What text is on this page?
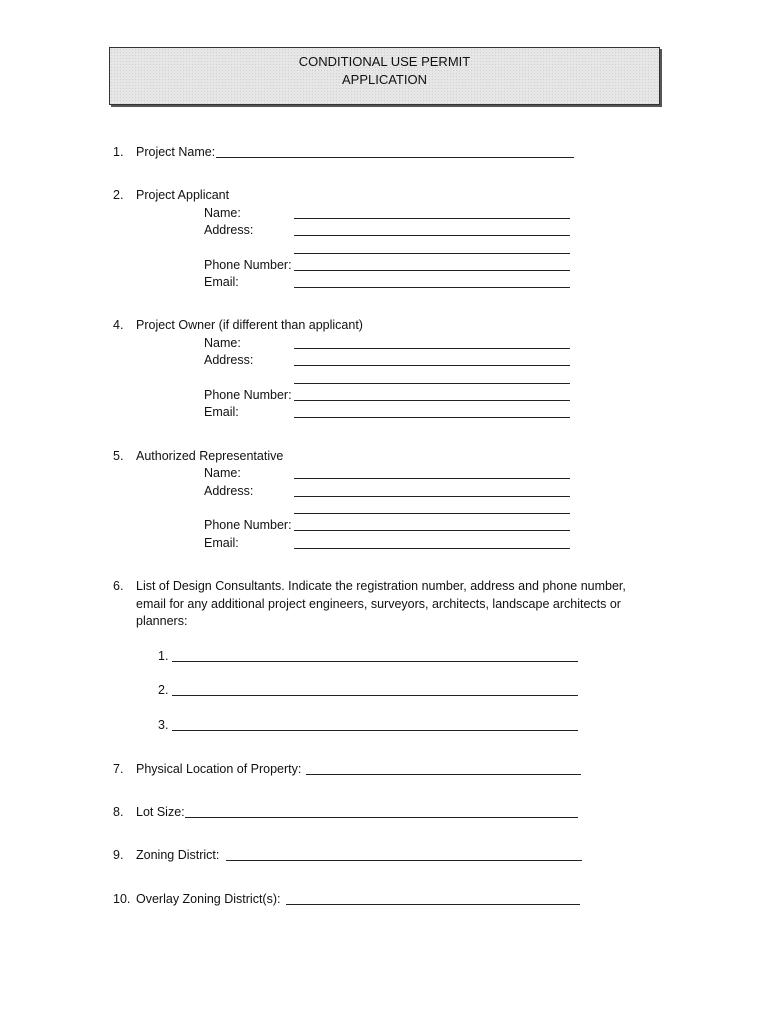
CONDITIONAL USE PERMIT
APPLICATION
1. Project Name:
2. Project Applicant
Name:
Address:
Phone Number:
Email:
4. Project Owner (if different than applicant)
Name:
Address:
Phone Number:
Email:
5. Authorized Representative
Name:
Address:
Phone Number:
Email:
6. List of Design Consultants. Indicate the registration number, address and phone number,
email for any additional project engineers, surveyors, architects, landscape architects or
planners:
1.
2.
3.
7. Physical Location of Property:
8. Lot Size:
9. Zoning District:
10. Overlay Zoning District(s):
